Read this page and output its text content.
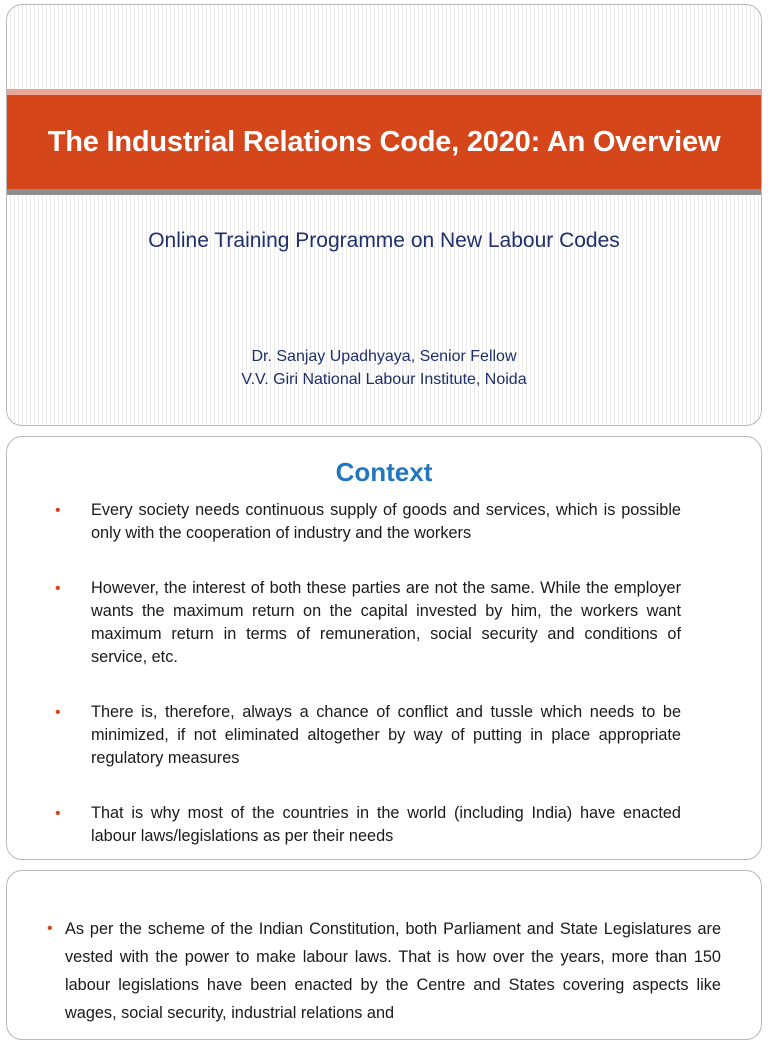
The Industrial Relations Code, 2020: An Overview
Online Training Programme on New Labour Codes
Dr. Sanjay Upadhyaya, Senior Fellow
V.V. Giri National Labour Institute, Noida
Context
•	Every society needs continuous supply of goods and services, which is possible only with the cooperation of industry and the workers
•	However, the interest of both these parties are not the same. While the employer wants the maximum return on the capital invested by him, the workers want maximum return in terms of remuneration, social security and conditions of service, etc.
•	There is, therefore, always a chance of conflict and tussle which needs to be minimized, if not eliminated altogether by way of putting in place appropriate regulatory measures
•	That is why most of the countries in the world (including India) have enacted labour laws/legislations as per their needs
• As per the scheme of the Indian Constitution, both Parliament and State Legislatures are vested with the power to make labour laws. That is how over the years, more than 150 labour legislations have been enacted by the Centre and States covering aspects like wages, social security, industrial relations and
